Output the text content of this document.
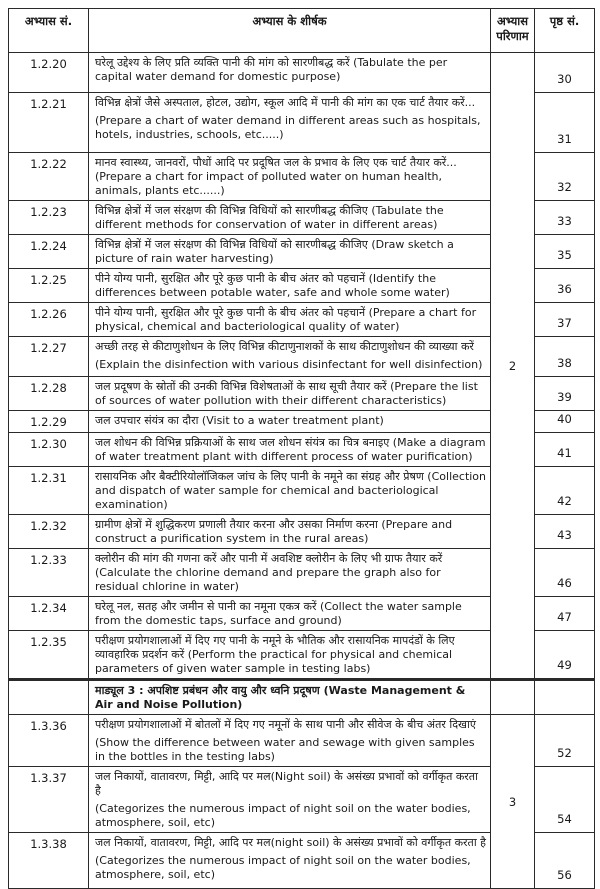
अभ्यास सं.	अभ्यास के शीर्षक	अभ्यास
परिणाम	पृष्ठ सं.
1.2.20	घरेलू उद्देश्य के लिए प्रति व्यक्ति पानी की मांग को सारणीबद्ध करें (Tabulate the per capital water demand for domestic purpose)	2	30
1.2.21	विभिन्न क्षेत्रों जैसे अस्पताल, होटल, उद्योग, स्कूल आदि में पानी की मांग का एक चार्ट तैयार करें...
(Prepare a chart of water demand in different areas such as hospitals, hotels, industries, schools, etc.....)		31
1.2.22	मानव स्वास्थ्य, जानवरों, पौधों आदि पर प्रदूषित जल के प्रभाव के लिए एक चार्ट तैयार करें... (Prepare a chart for impact of polluted water on human health, animals, plants etc......)		32
1.2.23	विभिन्न क्षेत्रों में जल संरक्षण की विभिन्न विधियों को सारणीबद्ध कीजिए (Tabulate the different methods for conservation of water in different areas)		33
1.2.24	विभिन्न क्षेत्रों में जल संरक्षण की विभिन्न विधियों को सारणीबद्ध कीजिए (Draw sketch a picture of rain water harvesting)		35
1.2.25	पीने योग्य पानी, सुरक्षित और पूरे कुछ पानी के बीच अंतर को पहचानें (Identify the differences between potable water, safe and whole some water)		36
1.2.26	पीने योग्य पानी, सुरक्षित और पूरे कुछ पानी के बीच अंतर को पहचानें (Prepare a chart for physical, chemical and bacteriological quality of water)		37
1.2.27	अच्छी तरह से कीटाणुशोधन के लिए विभिन्न कीटाणुनाशकों के साथ कीटाणुशोधन की व्याख्या करें
(Explain the disinfection with various disinfectant for well disinfection)		38
1.2.28	जल प्रदूषण के स्रोतों की उनकी विभिन्न विशेषताओं के साथ सूची तैयार करें (Prepare the list of sources of water pollution with their different characteristics)		39
1.2.29	जल उपचार संयंत्र का दौरा (Visit to a water treatment plant)		40
1.2.30	जल शोधन की विभिन्न प्रक्रियाओं के साथ जल शोधन संयंत्र का चित्र बनाइए (Make a diagram of water treatment plant with different process of water purification)		41
1.2.31	रासायनिक और बैक्टीरियोलॉजिकल जांच के लिए पानी के नमूने का संग्रह और प्रेषण (Collection and dispatch of water sample for chemical and bacteriological examination)		42
1.2.32	ग्रामीण क्षेत्रों में शुद्धिकरण प्रणाली तैयार करना और उसका निर्माण करना (Prepare and construct a purification system in the rural areas)		43
1.2.33	क्लोरीन की मांग की गणना करें और पानी में अवशिष्ट क्लोरीन के लिए भी ग्राफ तैयार करें (Calculate the chlorine demand and prepare the graph also for residual chlorine in water)		46
1.2.34	घरेलू नल, सतह और जमीन से पानी का नमूना एकत्र करें (Collect the water sample from the domestic taps, surface and ground)		47
1.2.35	परीक्षण प्रयोगशालाओं में दिए गए पानी के नमूने के भौतिक और रासायनिक मापदंडों के लिए व्यावहारिक प्रदर्शन करें (Perform the practical for physical and chemical parameters of given water sample in testing labs)		49
	माड्यूल 3 : अपशिष्ट प्रबंधन और वायु और ध्वनि प्रदूषण (Waste Management & Air and Noise Pollution)		
1.3.36	परीक्षण प्रयोगशालाओं में बोतलों में दिए गए नमूनों के साथ पानी और सीवेज के बीच अंतर दिखाएं
(Show the difference between water and sewage with given samples in the bottles in the testing labs)	3	52
1.3.37	जल निकायों, वातावरण, मिट्टी, आदि पर मल(Night soil) के असंख्य प्रभावों को वर्गीकृत करता है
(Categorizes the numerous impact of night soil on the water bodies, atmosphere, soil, etc)		54
1.3.38	जल निकायों, वातावरण, मिट्टी, आदि पर मल(night soil) के असंख्य प्रभावों को वर्गीकृत करता है
(Categorizes the numerous impact of night soil on the water bodies, atmosphere, soil, etc)		56
